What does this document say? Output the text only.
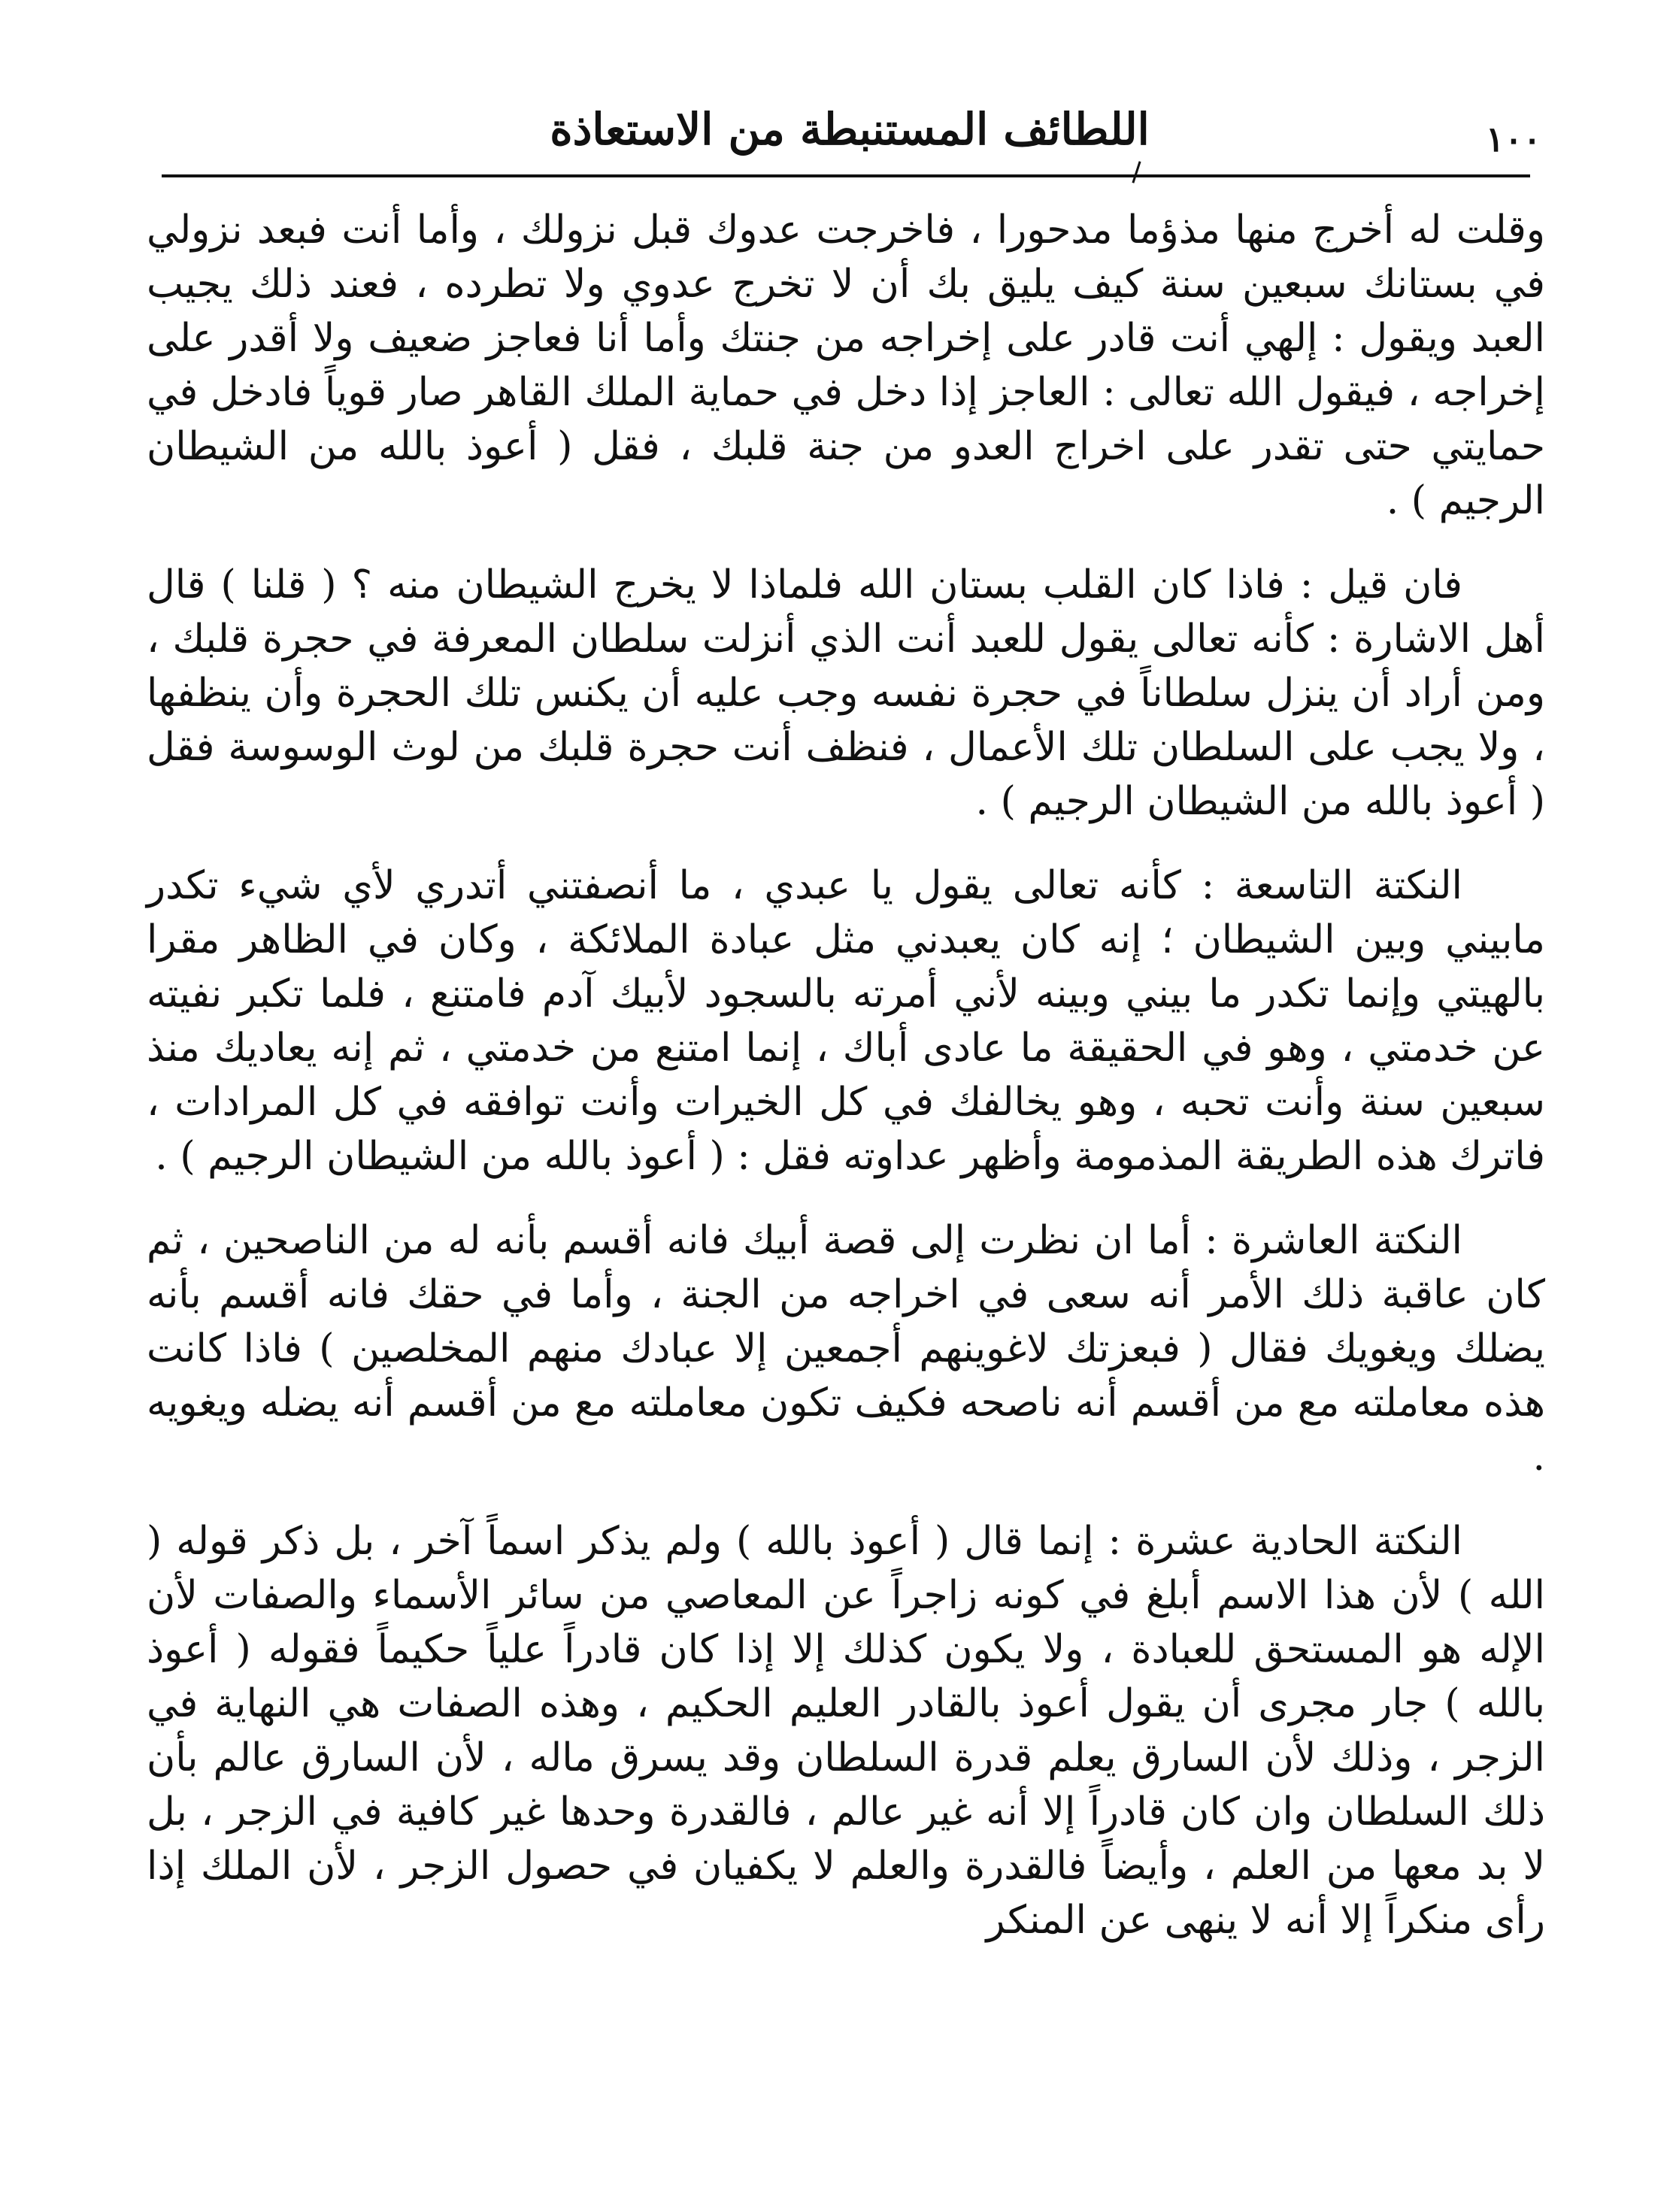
١٠٠
اللطائف المستنبطة من الاستعاذة

وقلت له أخرج منها مذؤما مدحورا ، فاخرجت عدوك قبل نزولك ، وأما أنت فبعد نزولي في بستانك سبعين سنة كيف يليق بك أن لا تخرج عدوي ولا تطرده ، فعند ذلك يجيب العبد ويقول : إلهي أنت قادر على إخراجه من جنتك وأما أنا فعاجز ضعيف ولا أقدر على إخراجه ، فيقول الله تعالى : العاجز إذا دخل في حماية الملك القاهر صار قوياً فادخل في حمايتي حتى تقدر على اخراج العدو من جنة قلبك ، فقل ( أعوذ بالله من الشيطان الرجيم ) .

فان قيل : فاذا كان القلب بستان الله فلماذا لا يخرج الشيطان منه ؟ ( قلنا ) قال أهل الاشارة : كأنه تعالى يقول للعبد أنت الذي أنزلت سلطان المعرفة في حجرة قلبك ، ومن أراد أن ينزل سلطاناً في حجرة نفسه وجب عليه أن يكنس تلك الحجرة وأن ينظفها ، ولا يجب على السلطان تلك الأعمال ، فنظف أنت حجرة قلبك من لوث الوسوسة فقل ( أعوذ بالله من الشيطان الرجيم ) .

النكتة التاسعة : كأنه تعالى يقول يا عبدي ، ما أنصفتني أتدري لأي شيء تكدر مابيني وبين الشيطان ؛ إنه كان يعبدني مثل عبادة الملائكة ، وكان في الظاهر مقرا بالهيتي وإنما تكدر ما بيني وبينه لأني أمرته بالسجود لأبيك آدم فامتنع ، فلما تكبر نفيته عن خدمتي ، وهو في الحقيقة ما عادى أباك ، إنما امتنع من خدمتي ، ثم إنه يعاديك منذ سبعين سنة وأنت تحبه ، وهو يخالفك في كل الخيرات وأنت توافقه في كل المرادات ، فاترك هذه الطريقة المذمومة وأظهر عداوته فقل : ( أعوذ بالله من الشيطان الرجيم ) .

النكتة العاشرة : أما ان نظرت إلى قصة أبيك فانه أقسم بأنه له من الناصحين ، ثم كان عاقبة ذلك الأمر أنه سعى في اخراجه من الجنة ، وأما في حقك فانه أقسم بأنه يضلك ويغويك فقال ( فبعزتك لاغوينهم أجمعين إلا عبادك منهم المخلصين ) فاذا كانت هذه معاملته مع من أقسم أنه ناصحه فكيف تكون معاملته مع من أقسم أنه يضله ويغويه .

النكتة الحادية عشرة : إنما قال ( أعوذ بالله ) ولم يذكر اسماً آخر ، بل ذكر قوله ( الله ) لأن هذا الاسم أبلغ في كونه زاجراً عن المعاصي من سائر الأسماء والصفات لأن الإله هو المستحق للعبادة ، ولا يكون كذلك إلا إذا كان قادراً علياً حكيماً فقوله ( أعوذ بالله ) جار مجرى أن يقول أعوذ بالقادر العليم الحكيم ، وهذه الصفات هي النهاية في الزجر ، وذلك لأن السارق يعلم قدرة السلطان وقد يسرق ماله ، لأن السارق عالم بأن ذلك السلطان وان كان قادراً إلا أنه غير عالم ، فالقدرة وحدها غير كافية في الزجر ، بل لا بد معها من العلم ، وأيضاً فالقدرة والعلم لا يكفيان في حصول الزجر ، لأن الملك إذا رأى منكراً إلا أنه لا ينهى عن المنكر
